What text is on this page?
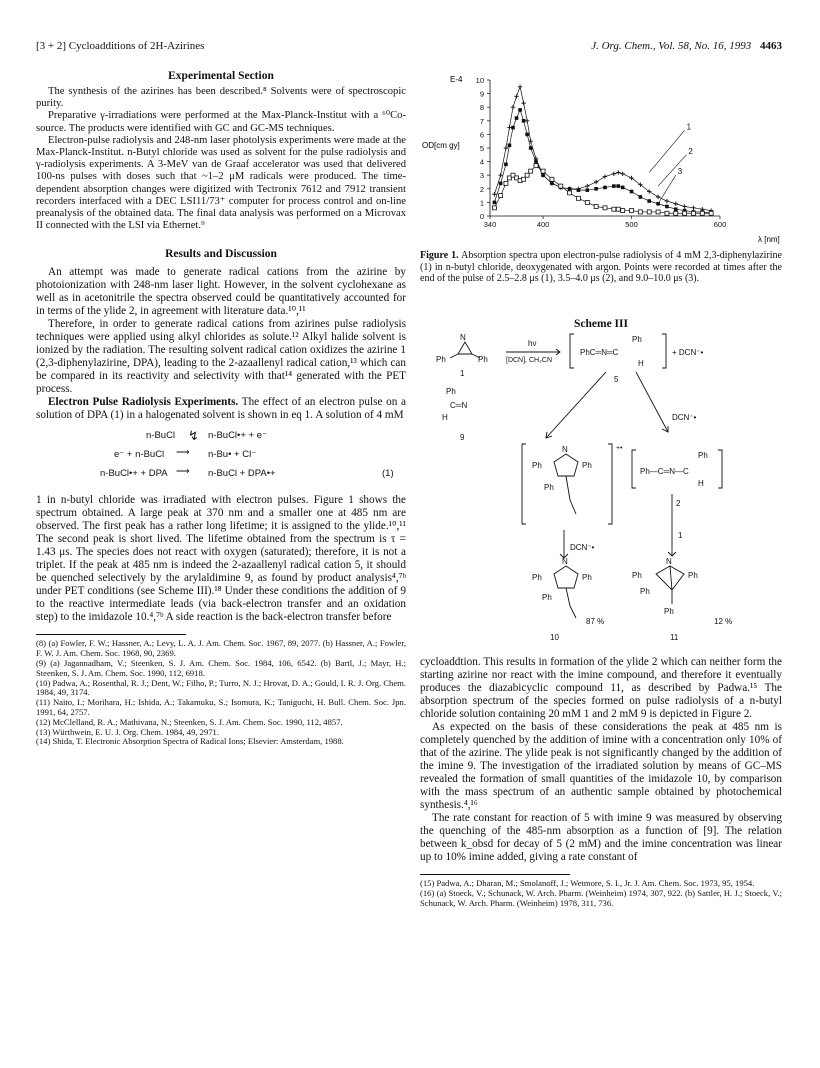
[3 + 2] Cycloadditions of 2H-Azirines	J. Org. Chem., Vol. 58, No. 16, 1993 4463
Experimental Section

The synthesis of the azirines has been described.⁸ Solvents were of spectroscopic purity.

Preparative γ-irradiations were performed at the Max-Planck-Institut with a ⁶⁰Co-source. The products were identified with GC and GC-MS techniques.

Electron-pulse radiolysis and 248-nm laser photolysis experiments were made at the Max-Planck-Institut. n-Butyl chloride was used as solvent for the pulse radiolysis and γ-radiolysis experiments. A 3-MeV van de Graaf accelerator was used that delivered 100-ns pulses with doses such that ~1–2 μM radicals were produced. The time-dependent absorption changes were digitized with Tectronix 7612 and 7912 transient recorders interfaced with a DEC LSI11/73⁺ computer for process control and on-line preanalysis of the obtained data. The final data analysis was performed on a Microvax II connected with the LSI via Ethernet.⁹

Results and Discussion

An attempt was made to generate radical cations from the azirine by photoionization with 248-nm laser light. However, in the solvent cyclohexane as well as in acetonitrile the spectra observed could be quantitatively accounted for in terms of the ylide 2, in agreement with literature data.¹⁰,¹¹

Therefore, in order to generate radical cations from azirines pulse radiolysis techniques were applied using alkyl chlorides as solute.¹² Alkyl halide solvent is ionized by the radiation. The resulting solvent radical cation oxidizes the azirine 1 (2,3-diphenylazirine, DPA), leading to the 2-azaallenyl radical cation,¹³ which can be compared in its reactivity and selectivity with that¹⁴ generated with the PET process.

Electron Pulse Radiolysis Experiments. The effect of an electron pulse on a solution of DPA (1) in a halogenated solvent is shown in eq 1. A solution of 4 mM

n-BuCl ↯ n-BuCl•+ + e⁻
e⁻ + n-BuCl ⟶ n-Bu• + Cl⁻
n-BuCl•+ + DPA ⟶ n-BuCl + DPA•+	(1)

1 in n-butyl chloride was irradiated with electron pulses. Figure 1 shows the spectrum obtained. A large peak at 370 nm and a smaller one at 485 nm are observed. The first peak has a rather long lifetime; it is assigned to the ylide.¹⁰,¹¹ The second peak is short lived. The lifetime obtained from the spectrum is τ = 1.43 μs. The species does not react with oxygen (saturated); therefore, it is not a triplet. If the peak at 485 nm is indeed the 2-azaallenyl radical cation 5, it should be quenched selectively by the arylaldimine 9, as found by product analysis⁴,⁷ᵇ under PET conditions (see Scheme III).¹⁸ Under these conditions the addition of 9 to the reactive intermediate leads (via back-electron transfer and an oxidation step) to the imidazole 10.⁴,⁷ᵇ A side reaction is the back-electron transfer before

(8) (a) Fowler, F. W.; Hassner, A.; Levy, L. A. J. Am. Chem. Soc. 1967, 89, 2077. (b) Hassner, A.; Fowler, F. W. J. Am. Chem. Soc. 1968, 90, 2369.

(9) (a) Jagannadham, V.; Steenken, S. J. Am. Chem. Soc. 1984, 106, 6542. (b) Bartl, J.; Mayr, H.; Steenken, S. J. Am. Chem. Soc. 1990, 112, 6918.

(10) Padwa, A.; Rosenthal, R. J.; Dent, W.; Filho, P.; Turro, N. J.; Hrovat, D. A.; Gould, I. R. J. Org. Chem. 1984, 49, 3174.

(11) Naito, I.; Morihara, H.; Ishida, A.; Takamuku, S.; Isomura, K.; Taniguchi, H. Bull. Chem. Soc. Jpn. 1991, 64, 2757.

(12) McClelland, R. A.; Mathivana, N.; Steenken, S. J. Am. Chem. Soc. 1990, 112, 4857.

(13) Würthwein, E. U. J. Org. Chem. 1984, 49, 2971.

(14) Shida, T. Electronic Absorption Spectra of Radical Ions; Elsevier: Amsterdam, 1988.

0
1
2
3
4
5
6
7
8
9
10
340	400	500	600
1
2
3
OD[cm gy]
E-4
λ [nm]

Figure 1. Absorption spectra upon electron-pulse radiolysis of 4 mM 2,3-diphenylazirine (1) in n-butyl chloride, deoxygenated with argon. Points were recorded at times after the end of the pulse of 2.5–2.8 μs (1), 3.5–4.0 μs (2), and 9.0–10.0 μs (3).

Scheme III
N
Ph	Ph
1
hν
[DCN], CH₃CN
PhC═N═C
Ph
H
5
+ DCN⁻•
Ph
C═N
H
9
DCN⁻•
Ph
N
Ph
Ph
+•
Ph—C═N—C
Ph
H
2
DCN⁻•
1
Ph
N
Ph
Ph
Ph
N
Ph
Ph
Ph
87 %	12 %
10	11

cycloaddtion. This results in formation of the ylide 2 which can neither form the starting azirine nor react with the imine compound, and therefore it eventually produces the diazabicyclic compound 11, as described by Padwa.¹⁵ The absorption spectrum of the species formed on pulse radiolysis of a n-butyl chloride solution containing 20 mM 1 and 2 mM 9 is depicted in Figure 2.

As expected on the basis of these considerations the peak at 485 nm is completely quenched by the addition of imine with a concentration only 10% of that of the azirine. The ylide peak is not significantly changed by the addition of the imine 9. The investigation of the irradiated solution by means of GC–MS revealed the formation of small quantities of the imidazole 10, by comparison with the mass spectrum of an authentic sample obtained by photochemical synthesis.⁴,¹⁶

The rate constant for reaction of 5 with imine 9 was measured by observing the quenching of the 485-nm absorption as a function of [9]. The relation between k_obsd for decay of 5 (2 mM) and the imine concentration was linear up to 10% imine added, giving a rate constant of

(15) Padwa, A.; Dharan, M.; Smolanoff, J.; Wetmore, S. I., Jr. J. Am. Chem. Soc. 1973, 95, 1954.

(16) (a) Stoeck, V.; Schunack, W. Arch. Pharm. (Weinheim) 1974, 307, 922. (b) Sattler, H. J.; Stoeck, V.; Schunack, W. Arch. Pharm. (Weinheim) 1978, 311, 736.
